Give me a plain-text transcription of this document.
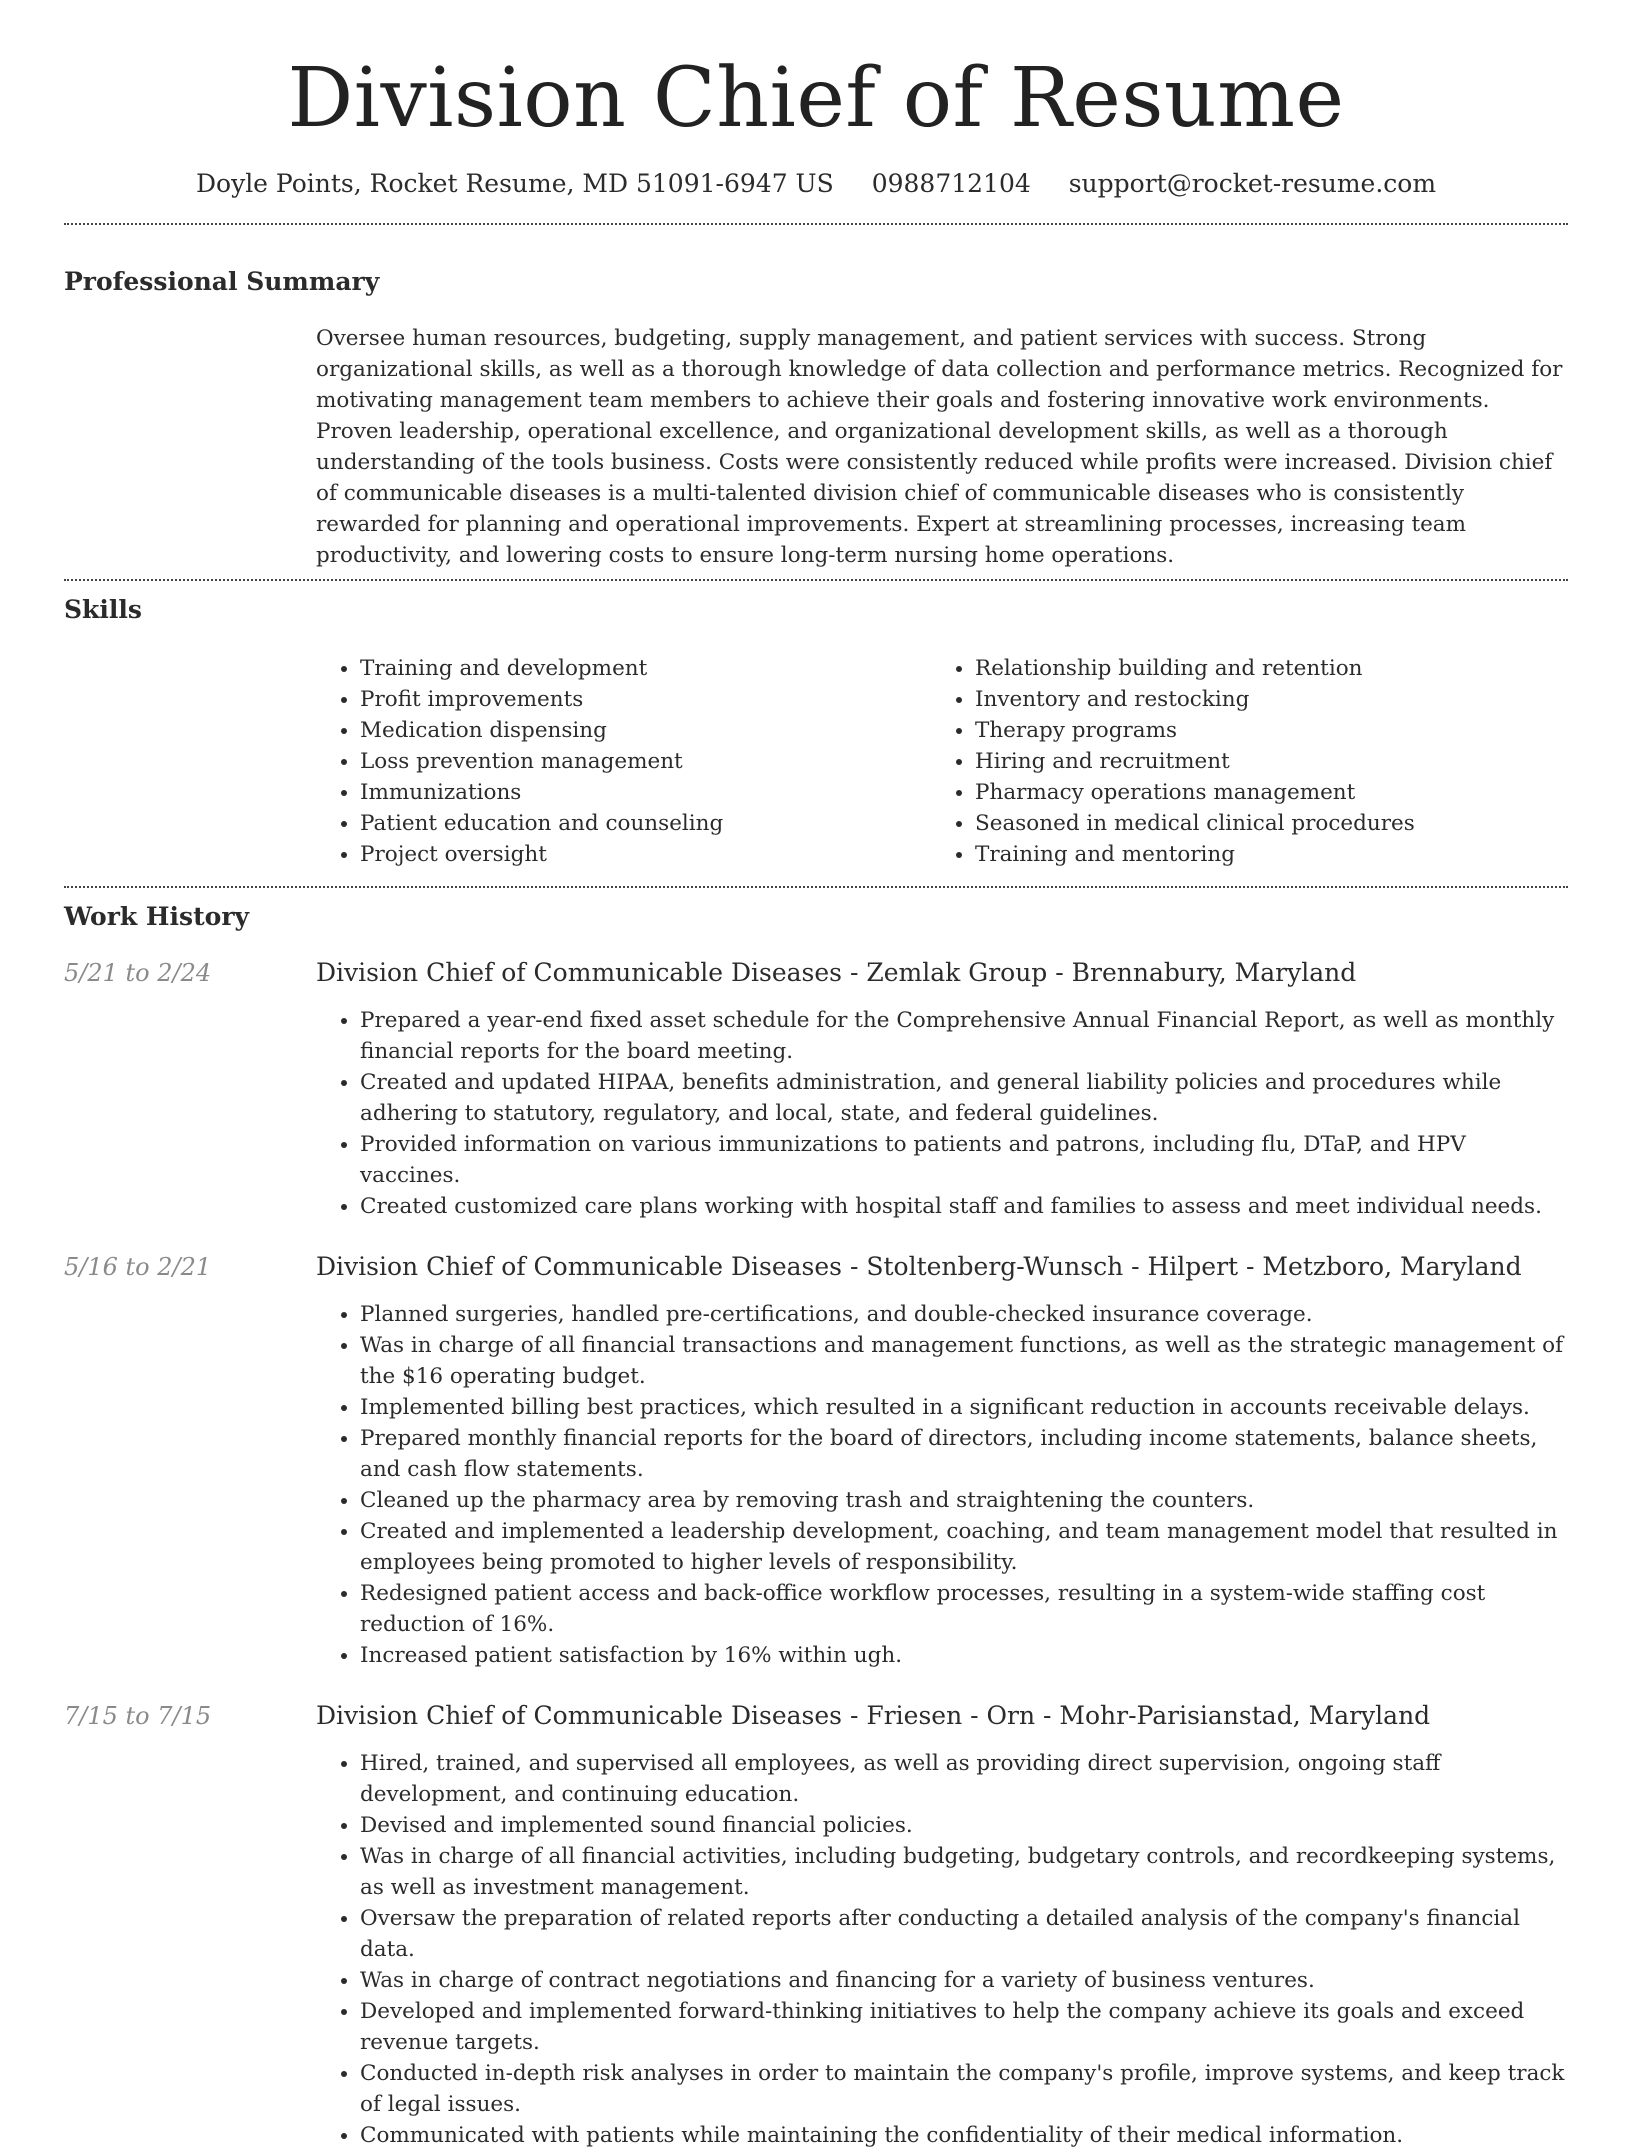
Division Chief of Resume
Doyle Points, Rocket Resume, MD 51091-6947 US 0988712104 support@rocket-resume.com
Professional Summary

Oversee human resources, budgeting, supply management, and patient services with success. Strong organizational skills, as well as a thorough knowledge of data collection and performance metrics. Recognized for motivating management team members to achieve their goals and fostering innovative work environments. Proven leadership, operational excellence, and organizational development skills, as well as a thorough understanding of the tools business. Costs were consistently reduced while profits were increased. Division chief of communicable diseases is a multi-talented division chief of communicable diseases who is consistently rewarded for planning and operational improvements. Expert at streamlining processes, increasing team productivity, and lowering costs to ensure long-term nursing home operations.

Skills
• Training and development
• Profit improvements
• Medication dispensing
• Loss prevention management
• Immunizations
• Patient education and counseling
• Project oversight
• Relationship building and retention
• Inventory and restocking
• Therapy programs
• Hiring and recruitment
• Pharmacy operations management
• Seasoned in medical clinical procedures
• Training and mentoring
Work History
5/21 to 2/24	Division Chief of Communicable Diseases - Zemlak Group - Brennabury, Maryland
• Prepared a year-end fixed asset schedule for the Comprehensive Annual Financial Report, as well as monthly financial reports for the board meeting.
• Created and updated HIPAA, benefits administration, and general liability policies and procedures while adhering to statutory, regulatory, and local, state, and federal guidelines.
• Provided information on various immunizations to patients and patrons, including flu, DTaP, and HPV vaccines.
• Created customized care plans working with hospital staff and families to assess and meet individual needs.
5/16 to 2/21	Division Chief of Communicable Diseases - Stoltenberg-Wunsch - Hilpert - Metzboro, Maryland
• Planned surgeries, handled pre-certifications, and double-checked insurance coverage.
• Was in charge of all financial transactions and management functions, as well as the strategic management of the $16 operating budget.
• Implemented billing best practices, which resulted in a significant reduction in accounts receivable delays.
• Prepared monthly financial reports for the board of directors, including income statements, balance sheets, and cash flow statements.
• Cleaned up the pharmacy area by removing trash and straightening the counters.
• Created and implemented a leadership development, coaching, and team management model that resulted in employees being promoted to higher levels of responsibility.
• Redesigned patient access and back-office workflow processes, resulting in a system-wide staffing cost reduction of 16%.
• Increased patient satisfaction by 16% within ugh.
7/15 to 7/15	Division Chief of Communicable Diseases - Friesen - Orn - Mohr-Parisianstad, Maryland
• Hired, trained, and supervised all employees, as well as providing direct supervision, ongoing staff development, and continuing education.
• Devised and implemented sound financial policies.
• Was in charge of all financial activities, including budgeting, budgetary controls, and recordkeeping systems, as well as investment management.
• Oversaw the preparation of related reports after conducting a detailed analysis of the company's financial data.
• Was in charge of contract negotiations and financing for a variety of business ventures.
• Developed and implemented forward-thinking initiatives to help the company achieve its goals and exceed revenue targets.
• Conducted in-depth risk analyses in order to maintain the company's profile, improve systems, and keep track of legal issues.
• Communicated with patients while maintaining the confidentiality of their medical information.
